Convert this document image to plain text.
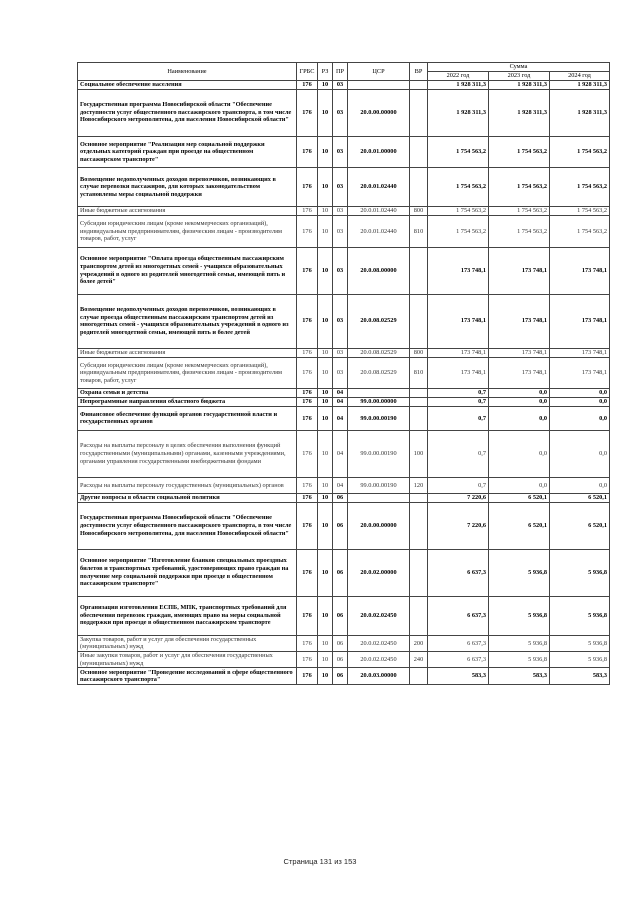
Наименование	ГРБС	РЗ	ПР	ЦСР	ВР	Сумма		
						2022 год	2023 год	2024 год
Социальное обеспечение населения	176	10	03			1 928 311,3	1 928 311,3	1 928 311,3
Государственная программа Новосибирской области "Обеспечение доступности услуг общественного пассажирского транспорта, в том числе Новосибирского метрополитена, для населения Новосибирской области"	176	10	03	20.0.00.00000		1 928 311,3	1 928 311,3	1 928 311,3
Основное мероприятие "Реализация мер социальной поддержки отдельных категорий граждан при проезде на общественном пассажирском транспорте"	176	10	03	20.0.01.00000		1 754 563,2	1 754 563,2	1 754 563,2
Возмещение недополученных доходов перевозчиков, возникающих в случае перевозки пассажиров, для которых законодательством установлены меры социальной поддержки	176	10	03	20.0.01.02440		1 754 563,2	1 754 563,2	1 754 563,2
Иные бюджетные ассигнования	176	10	03	20.0.01.02440	800	1 754 563,2	1 754 563,2	1 754 563,2
Субсидии юридическим лицам (кроме некоммерческих организаций), индивидуальным предпринимателям, физическим лицам - производителям товаров, работ, услуг	176	10	03	20.0.01.02440	810	1 754 563,2	1 754 563,2	1 754 563,2
Основное мероприятие "Оплата проезда общественным пассажирским транспортом детей из многодетных семей - учащихся образовательных учреждений в одного из родителей многодетной семьи, имеющей пять и более детей"	176	10	03	20.0.08.00000		173 748,1	173 748,1	173 748,1
Возмещение недополученных доходов перевозчиков, возникающих в случае проезда общественным пассажирским транспортом детей из многодетных семей - учащихся образовательных учреждений в одного из родителей многодетной семьи, имеющей пять и более детей	176	10	03	20.0.08.02529		173 748,1	173 748,1	173 748,1
Иные бюджетные ассигнования	176	10	03	20.0.08.02529	800	173 748,1	173 748,1	173 748,1
Субсидии юридическим лицам (кроме некоммерческих организаций), индивидуальным предпринимателям, физическим лицам - производителям товаров, работ, услуг	176	10	03	20.0.08.02529	810	173 748,1	173 748,1	173 748,1
Охрана семьи и детства	176	10	04			0,7	0,0	0,0
Непрограммные направления областного бюджета	176	10	04	99.0.00.00000		0,7	0,0	0,0
Финансовое обеспечение функций органов государственной власти и государственных органов	176	10	04	99.0.00.00190		0,7	0,0	0,0
Расходы на выплаты персоналу в целях обеспечения выполнения функций государственными (муниципальными) органами, казенными учреждениями, органами управления государственными внебюджетными фондами	176	10	04	99.0.00.00190	100	0,7	0,0	0,0
Расходы на выплаты персоналу государственных (муниципальных) органов	176	10	04	99.0.00.00190	120	0,7	0,0	0,0
Другие вопросы в области социальной политики	176	10	06			7 220,6	6 520,1	6 520,1
Государственная программа Новосибирской области "Обеспечение доступности услуг общественного пассажирского транспорта, в том числе Новосибирского метрополитена, для населения Новосибирской области"	176	10	06	20.0.00.00000		7 220,6	6 520,1	6 520,1
Основное мероприятие "Изготовление бланков специальных проездных билетов и транспортных требований, удостоверяющих право граждан на получение мер социальной поддержки при проезде в общественном пассажирском транспорте"	176	10	06	20.0.02.00000		6 637,3	5 936,8	5 936,8
Организация изготовления ЕСПБ, МПК, транспортных требований для обеспечения перевозок граждан, имеющих право на меры социальной поддержки при проезде в общественном пассажирском транспорте	176	10	06	20.0.02.02450		6 637,3	5 936,8	5 936,8
Закупка товаров, работ и услуг для обеспечения государственных (муниципальных) нужд	176	10	06	20.0.02.02450	200	6 637,3	5 936,8	5 936,8
Иные закупки товаров, работ и услуг для обеспечения государственных (муниципальных) нужд	176	10	06	20.0.02.02450	240	6 637,3	5 936,8	5 936,8
Основное мероприятие "Проведение исследований в сфере общественного пассажирского транспорта"	176	10	06	20.0.03.00000		583,3	583,3	583,3
Страница 131 из 153
